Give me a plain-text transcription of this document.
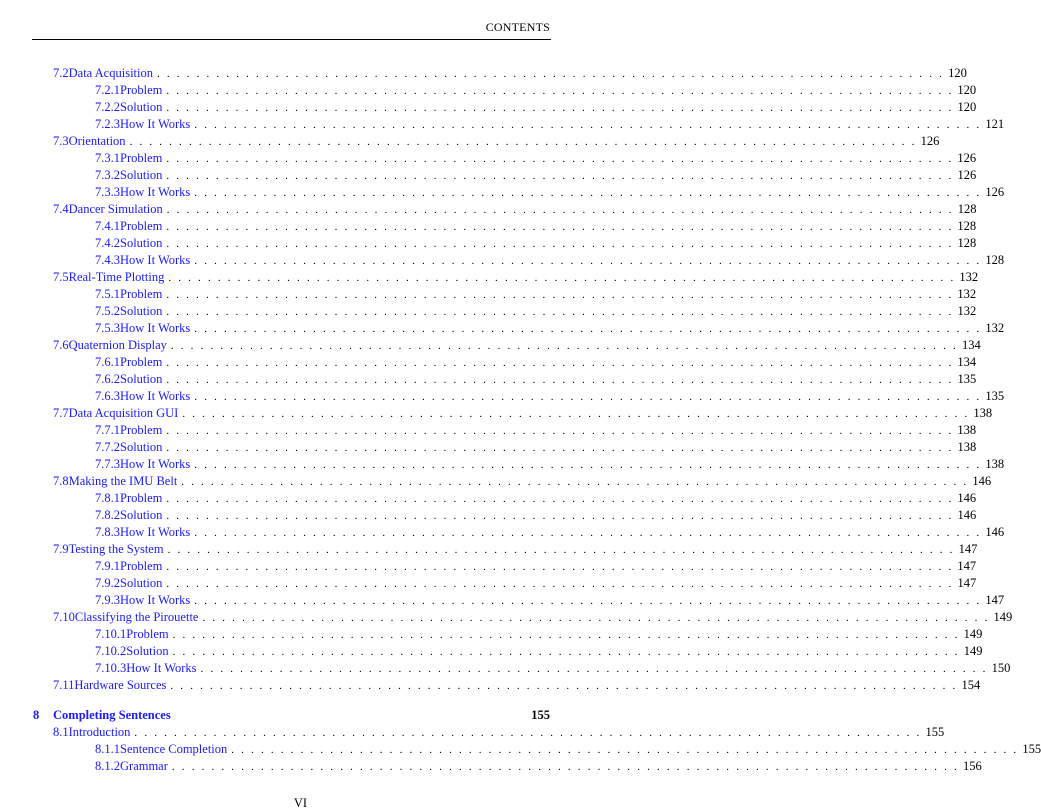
CONTENTS
7.2 Data Acquisition . . . . . . . . . . . . . . . . . . . . . . . . . . . . . . . . . . . . . . . . . . . . . . . . . . . . . . . . . . . . . . . . . . . . . . . . . . . . . . . . 120
7.2.1 Problem . . . . . . . . . . . . . . . . . . . . . . . . . . . . . . . . . . . . . . . . . . . . . . . . . . . . . . . . . . . . . . . . . . . . . . . . . . . . . . . . 120
7.2.2 Solution . . . . . . . . . . . . . . . . . . . . . . . . . . . . . . . . . . . . . . . . . . . . . . . . . . . . . . . . . . . . . . . . . . . . . . . . . . . . . . . . 120
7.2.3 How It Works . . . . . . . . . . . . . . . . . . . . . . . . . . . . . . . . . . . . . . . . . . . . . . . . . . . . . . . . . . . . . . . . . . . . . . . . . . . . . . . . 121
7.3 Orientation . . . . . . . . . . . . . . . . . . . . . . . . . . . . . . . . . . . . . . . . . . . . . . . . . . . . . . . . . . . . . . . . . . . . . . . . . . . . . . . . 126
7.3.1 Problem . . . . . . . . . . . . . . . . . . . . . . . . . . . . . . . . . . . . . . . . . . . . . . . . . . . . . . . . . . . . . . . . . . . . . . . . . . . . . . . . 126
7.3.2 Solution . . . . . . . . . . . . . . . . . . . . . . . . . . . . . . . . . . . . . . . . . . . . . . . . . . . . . . . . . . . . . . . . . . . . . . . . . . . . . . . . 126
7.3.3 How It Works . . . . . . . . . . . . . . . . . . . . . . . . . . . . . . . . . . . . . . . . . . . . . . . . . . . . . . . . . . . . . . . . . . . . . . . . . . . . . . . . 126
7.4 Dancer Simulation . . . . . . . . . . . . . . . . . . . . . . . . . . . . . . . . . . . . . . . . . . . . . . . . . . . . . . . . . . . . . . . . . . . . . . . . . . . . . . . . 128
7.4.1 Problem . . . . . . . . . . . . . . . . . . . . . . . . . . . . . . . . . . . . . . . . . . . . . . . . . . . . . . . . . . . . . . . . . . . . . . . . . . . . . . . . 128
7.4.2 Solution . . . . . . . . . . . . . . . . . . . . . . . . . . . . . . . . . . . . . . . . . . . . . . . . . . . . . . . . . . . . . . . . . . . . . . . . . . . . . . . . 128
7.4.3 How It Works . . . . . . . . . . . . . . . . . . . . . . . . . . . . . . . . . . . . . . . . . . . . . . . . . . . . . . . . . . . . . . . . . . . . . . . . . . . . . . . . 128
7.5 Real-Time Plotting . . . . . . . . . . . . . . . . . . . . . . . . . . . . . . . . . . . . . . . . . . . . . . . . . . . . . . . . . . . . . . . . . . . . . . . . . . . . . . . . 132
7.5.1 Problem . . . . . . . . . . . . . . . . . . . . . . . . . . . . . . . . . . . . . . . . . . . . . . . . . . . . . . . . . . . . . . . . . . . . . . . . . . . . . . . . 132
7.5.2 Solution . . . . . . . . . . . . . . . . . . . . . . . . . . . . . . . . . . . . . . . . . . . . . . . . . . . . . . . . . . . . . . . . . . . . . . . . . . . . . . . . 132
7.5.3 How It Works . . . . . . . . . . . . . . . . . . . . . . . . . . . . . . . . . . . . . . . . . . . . . . . . . . . . . . . . . . . . . . . . . . . . . . . . . . . . . . . . 132
7.6 Quaternion Display . . . . . . . . . . . . . . . . . . . . . . . . . . . . . . . . . . . . . . . . . . . . . . . . . . . . . . . . . . . . . . . . . . . . . . . . . . . . . . . . 134
7.6.1 Problem . . . . . . . . . . . . . . . . . . . . . . . . . . . . . . . . . . . . . . . . . . . . . . . . . . . . . . . . . . . . . . . . . . . . . . . . . . . . . . . . 134
7.6.2 Solution . . . . . . . . . . . . . . . . . . . . . . . . . . . . . . . . . . . . . . . . . . . . . . . . . . . . . . . . . . . . . . . . . . . . . . . . . . . . . . . . 135
7.6.3 How It Works . . . . . . . . . . . . . . . . . . . . . . . . . . . . . . . . . . . . . . . . . . . . . . . . . . . . . . . . . . . . . . . . . . . . . . . . . . . . . . . . 135
7.7 Data Acquisition GUI . . . . . . . . . . . . . . . . . . . . . . . . . . . . . . . . . . . . . . . . . . . . . . . . . . . . . . . . . . . . . . . . . . . . . . . . . . . . . . . . 138
7.7.1 Problem . . . . . . . . . . . . . . . . . . . . . . . . . . . . . . . . . . . . . . . . . . . . . . . . . . . . . . . . . . . . . . . . . . . . . . . . . . . . . . . . 138
7.7.2 Solution . . . . . . . . . . . . . . . . . . . . . . . . . . . . . . . . . . . . . . . . . . . . . . . . . . . . . . . . . . . . . . . . . . . . . . . . . . . . . . . . 138
7.7.3 How It Works . . . . . . . . . . . . . . . . . . . . . . . . . . . . . . . . . . . . . . . . . . . . . . . . . . . . . . . . . . . . . . . . . . . . . . . . . . . . . . . . 138
7.8 Making the IMU Belt . . . . . . . . . . . . . . . . . . . . . . . . . . . . . . . . . . . . . . . . . . . . . . . . . . . . . . . . . . . . . . . . . . . . . . . . . . . . . . . . 146
7.8.1 Problem . . . . . . . . . . . . . . . . . . . . . . . . . . . . . . . . . . . . . . . . . . . . . . . . . . . . . . . . . . . . . . . . . . . . . . . . . . . . . . . . 146
7.8.2 Solution . . . . . . . . . . . . . . . . . . . . . . . . . . . . . . . . . . . . . . . . . . . . . . . . . . . . . . . . . . . . . . . . . . . . . . . . . . . . . . . . 146
7.8.3 How It Works . . . . . . . . . . . . . . . . . . . . . . . . . . . . . . . . . . . . . . . . . . . . . . . . . . . . . . . . . . . . . . . . . . . . . . . . . . . . . . . . 146
7.9 Testing the System . . . . . . . . . . . . . . . . . . . . . . . . . . . . . . . . . . . . . . . . . . . . . . . . . . . . . . . . . . . . . . . . . . . . . . . . . . . . . . . . 147
7.9.1 Problem . . . . . . . . . . . . . . . . . . . . . . . . . . . . . . . . . . . . . . . . . . . . . . . . . . . . . . . . . . . . . . . . . . . . . . . . . . . . . . . . 147
7.9.2 Solution . . . . . . . . . . . . . . . . . . . . . . . . . . . . . . . . . . . . . . . . . . . . . . . . . . . . . . . . . . . . . . . . . . . . . . . . . . . . . . . . 147
7.9.3 How It Works . . . . . . . . . . . . . . . . . . . . . . . . . . . . . . . . . . . . . . . . . . . . . . . . . . . . . . . . . . . . . . . . . . . . . . . . . . . . . . . . 147
7.10 Classifying the Pirouette . . . . . . . . . . . . . . . . . . . . . . . . . . . . . . . . . . . . . . . . . . . . . . . . . . . . . . . . . . . . . . . . . . . . . . . . . . . . . . . . 149
7.10.1 Problem . . . . . . . . . . . . . . . . . . . . . . . . . . . . . . . . . . . . . . . . . . . . . . . . . . . . . . . . . . . . . . . . . . . . . . . . . . . . . . . . 149
7.10.2 Solution . . . . . . . . . . . . . . . . . . . . . . . . . . . . . . . . . . . . . . . . . . . . . . . . . . . . . . . . . . . . . . . . . . . . . . . . . . . . . . . . 149
7.10.3 How It Works . . . . . . . . . . . . . . . . . . . . . . . . . . . . . . . . . . . . . . . . . . . . . . . . . . . . . . . . . . . . . . . . . . . . . . . . . . . . . . . . 150
7.11 Hardware Sources . . . . . . . . . . . . . . . . . . . . . . . . . . . . . . . . . . . . . . . . . . . . . . . . . . . . . . . . . . . . . . . . . . . . . . . . . . . . . . . . 154
8	Completing Sentences	155
8.1 Introduction . . . . . . . . . . . . . . . . . . . . . . . . . . . . . . . . . . . . . . . . . . . . . . . . . . . . . . . . . . . . . . . . . . . . . . . . . . . . . . . . 155
8.1.1 Sentence Completion . . . . . . . . . . . . . . . . . . . . . . . . . . . . . . . . . . . . . . . . . . . . . . . . . . . . . . . . . . . . . . . . . . . . . . . . . . . . . . . . 155
8.1.2 Grammar . . . . . . . . . . . . . . . . . . . . . . . . . . . . . . . . . . . . . . . . . . . . . . . . . . . . . . . . . . . . . . . . . . . . . . . . . . . . . . . . 156
VI
